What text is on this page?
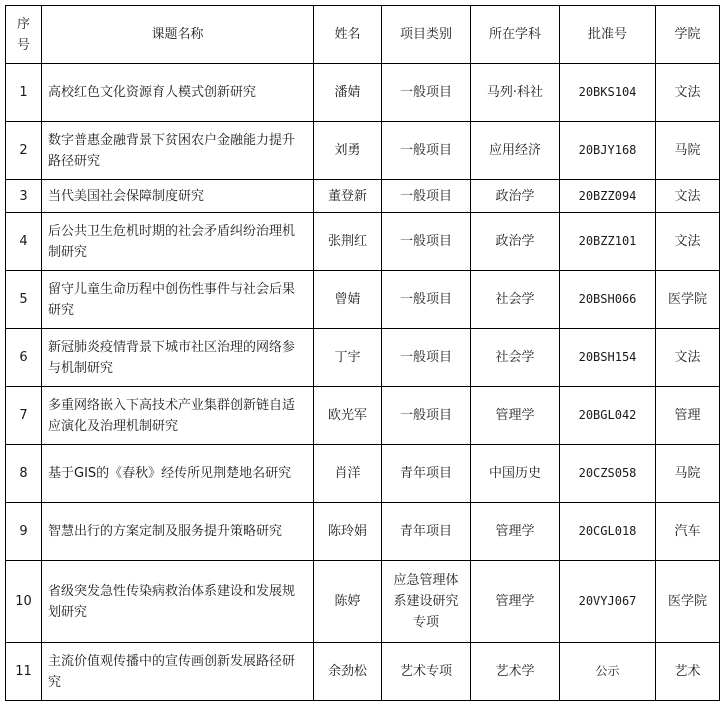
序号	课题名称	姓名	项目类别	所在学科	批准号	学院
1	高校红色文化资源育人模式创新研究	潘婧	一般项目	马列·科社	20BKS104	文法
2	数字普惠金融背景下贫困农户金融能力提升路径研究	刘勇	一般项目	应用经济	20BJY168	马院
3	当代美国社会保障制度研究	董登新	一般项目	政治学	20BZZ094	文法
4	后公共卫生危机时期的社会矛盾纠纷治理机制研究	张荆红	一般项目	政治学	20BZZ101	文法
5	留守儿童生命历程中创伤性事件与社会后果研究	曾婧	一般项目	社会学	20BSH066	医学院
6	新冠肺炎疫情背景下城市社区治理的网络参与机制研究	丁宇	一般项目	社会学	20BSH154	文法
7	多重网络嵌入下高技术产业集群创新链自适应演化及治理机制研究	欧光军	一般项目	管理学	20BGL042	管理
8	基于GIS的《春秋》经传所见荆楚地名研究	肖洋	青年项目	中国历史	20CZS058	马院
9	智慧出行的方案定制及服务提升策略研究	陈玲娟	青年项目	管理学	20CGL018	汽车
10	省级突发急性传染病救治体系建设和发展规划研究	陈婷	应急管理体系建设研究专项	管理学	20VYJ067	医学院
11	主流价值观传播中的宣传画创新发展路径研究	余劲松	艺术专项	艺术学	公示	艺术
